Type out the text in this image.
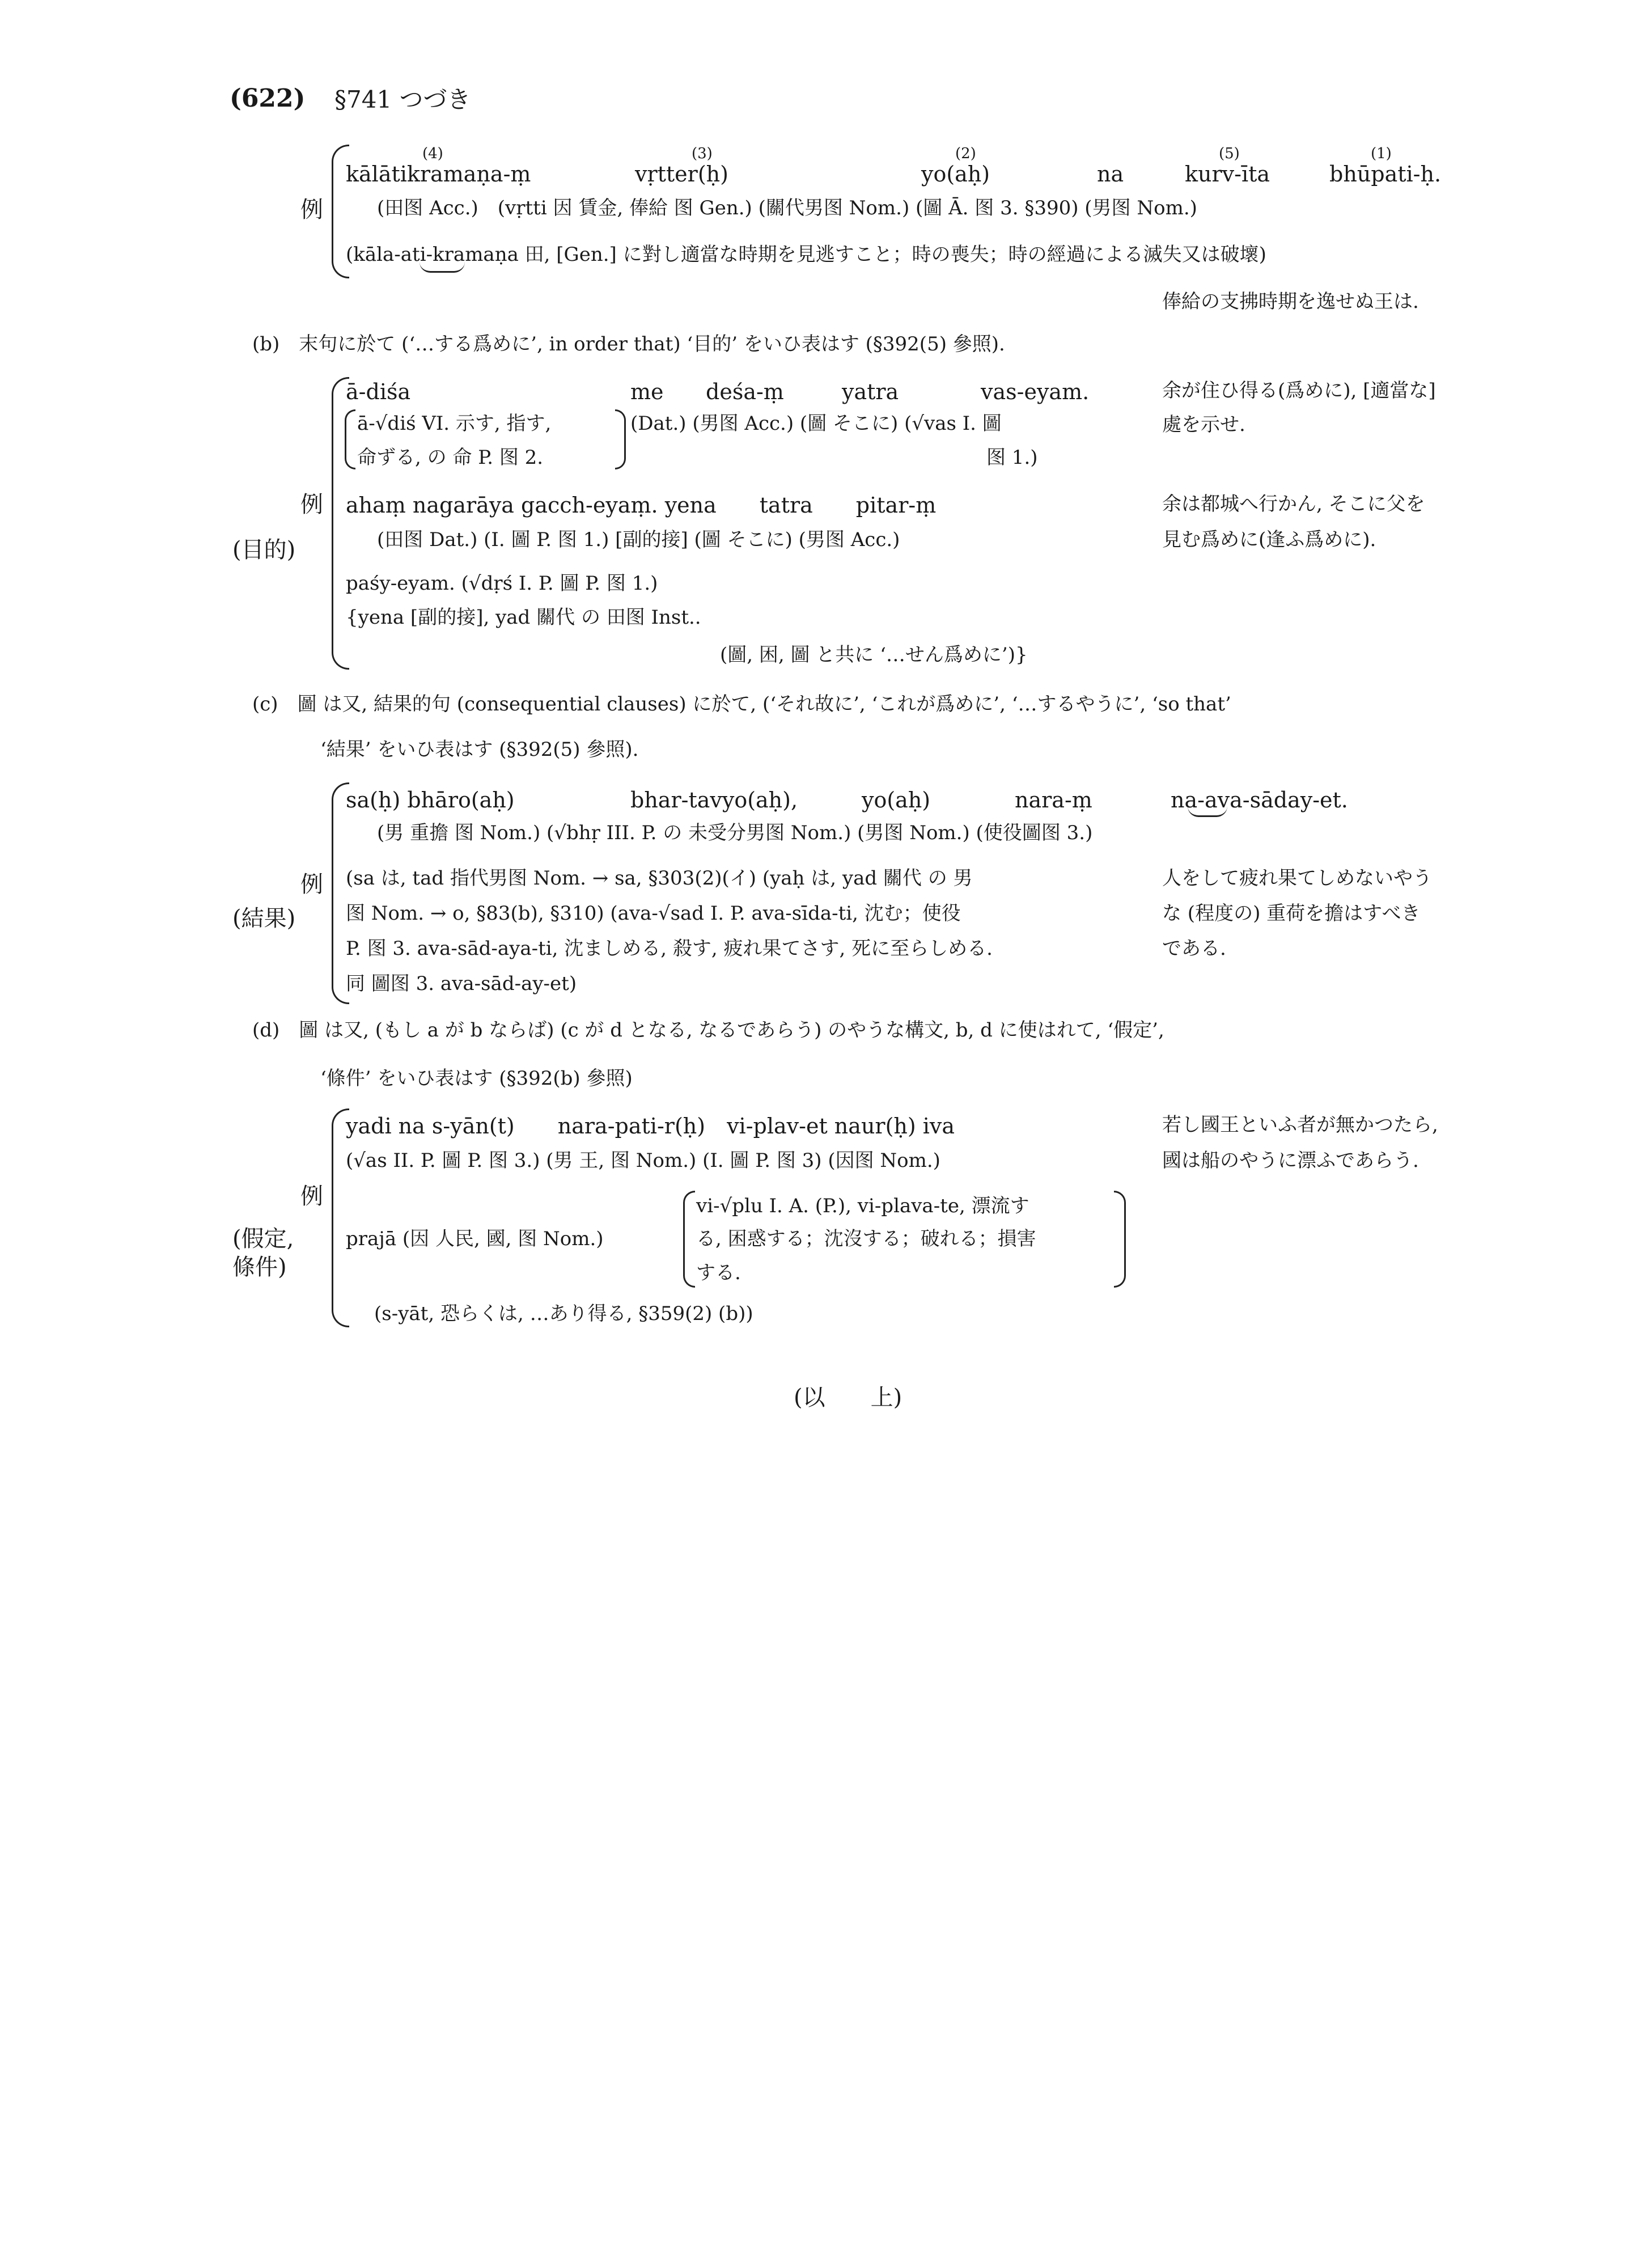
(622) §741 つづき
例
(4)	(3)	(2)	(5)	(1)
kālātikramaṇa-ṃ	vṛtter(ḥ)	yo(aḥ)	na	kurv-īta	bhūpati-ḥ.
(田图 Acc.)　(vṛtti 因 賃金, 俸給 图 Gen.) (關代男图 Nom.) (圖 Ā. 图 3. §390) (男图 Nom.)
(kāla-ati-kramaṇa 田, [Gen.] に對し適當な時期を見逃すこと；時の喪失；時の經過による滅失又は破壞)
俸給の支拂時期を逸せぬ王は.
(b)　末句に於て (‘…する爲めに’, in order that) ‘目的’ をいひ表はす (§392(5) 參照).
例
(目的)
ā-diśa	me deśa-ṃ	yatra	vas-eyam.	余が住ひ得る(爲めに), [適當な]
ā-√diś VI. 示す, 指す,	(Dat.) (男图 Acc.) (圖 そこに) (√vas I. 圖	處を示せ.
命ずる, の 命 P. 图 2.	图 1.)
ahaṃ nagarāya gacch-eyaṃ. yena　　tatra　　pitar-ṃ	余は都城へ行かん, そこに父を
(田图 Dat.) (I. 圖 P. 图 1.) [副的接] (圖 そこに) (男图 Acc.)	見む爲めに(逢ふ爲めに).
paśy-eyam. (√dṛś I. P. 圖 P. 图 1.)
{yena [副的接], yad 關代 の 田图 Inst..
(圖, 困, 圖 と共に ‘…せん爲めに’)}
(c)　圖 は又, 結果的句 (consequential clauses) に於て, (‘それ故に’, ‘これが爲めに’, ‘…するやうに’, ‘so that’
‘結果’ をいひ表はす (§392(5) 參照).
例
(結果)
sa(ḥ) bhāro(aḥ)	bhar-tavyo(aḥ),	yo(aḥ)	nara-ṃ	na-ava-sāday-et.
(男 重擔 图 Nom.) (√bhṛ III. P. の 未受分男图 Nom.) (男图 Nom.) (使役圖图 3.)
(sa は, tad 指代男图 Nom. → sa, §303(2)(イ) (yaḥ は, yad 關代 の 男	人をして疲れ果てしめないやう
图 Nom. → o, §83(b), §310) (ava-√sad I. P. ava-sīda-ti, 沈む；使役	な (程度の) 重荷を擔はすべき
P. 图 3. ava-sād-aya-ti, 沈ましめる, 殺す, 疲れ果てさす, 死に至らしめる.	である.
同 圖图 3. ava-sād-ay-et)
(d)　圖 は又, (もし a が b ならば) (c が d となる, なるであらう) のやうな構文, b, d に使はれて, ‘假定’,
‘條件’ をいひ表はす (§392(b) 參照)
例
(假定,
條件)
yadi na s-yān(t)　　nara-pati-r(ḥ)　vi-plav-et naur(ḥ) iva	若し國王といふ者が無かつたら,
(√as II. P. 圖 P. 图 3.) (男 王, 图 Nom.) (I. 圖 P. 图 3) (因图 Nom.)	國は船のやうに漂ふであらう.
prajā (因 人民, 國, 图 Nom.)
vi-√plu I. A. (P.), vi-plava-te, 漂流す
る, 困惑する；沈沒する；破れる；損害
する.
(s-yāt, 恐らくは, …あり得る, §359(2) (b))
(以　　上)
